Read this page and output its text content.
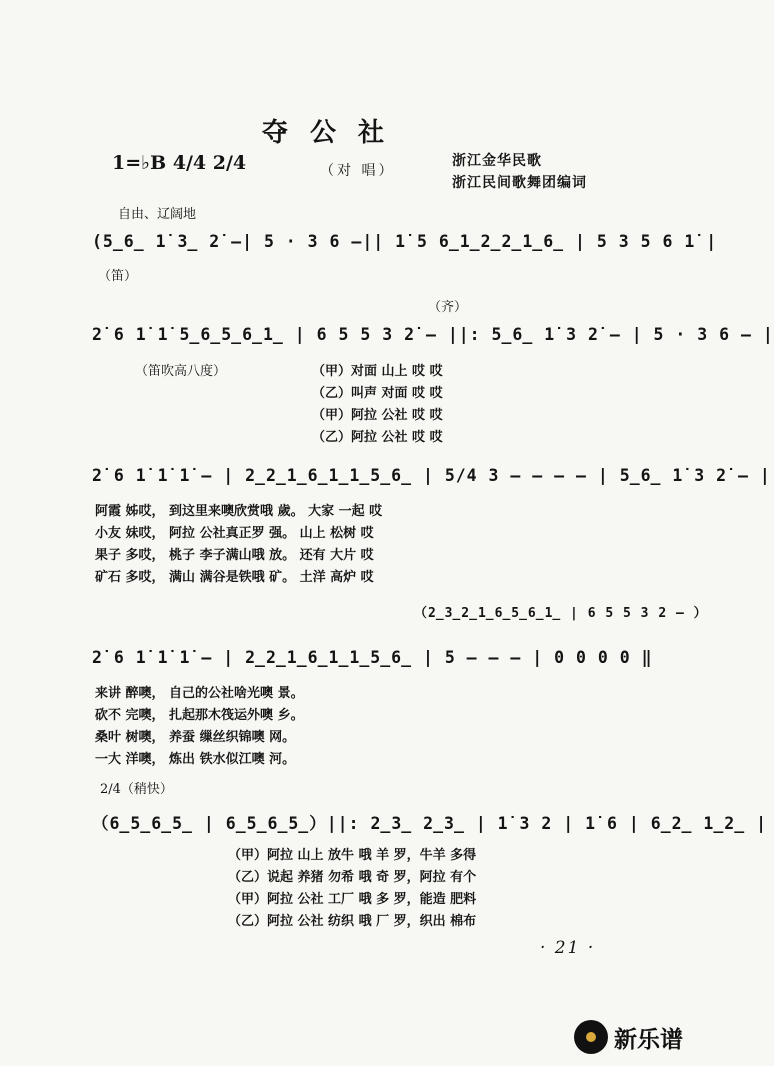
夺公社
1=♭B 4/4 2/4	（对 唱）
浙江金华民歌
浙江民间歌舞团编词
自由、辽阔地
(5̲6̲ 1̇ 3̲ 2̇ —| 5 · 3 6 —|| 1̇ 5 6̲1̲2̲2̲1̲6̲ | 5 3 5 6 1̇ |
（笛）
（齐）
2̇ 6 1̇ 1̇ 5̲6̲5̲6̲1̲ | 6 5 5 3 2̇ — ||: 5̲6̲ 1̇ 3 2̇ — | 5 · 3 6 — |
（笛吹高八度）	（甲）对面 山上 哎 哎
（乙）叫声 对面 哎 哎
（甲）阿拉 公社 哎 哎
（乙）阿拉 公社 哎 哎
2̇ 6 1̇ 1̇ 1̇ — | 2̲2̲1̲6̲1̲1̲5̲6̲ | 5/4 3 — — — — | 5̲6̲ 1̇ 3 2̇ — |
阿霞 姊哎， 到这里来噢欣赏哦 歲。 大家 一起 哎
小友 妹哎， 阿拉 公社真正罗 强。 山上 松树 哎
果子 多哎， 桃子 李子满山哦 放。 还有 大片 哎
矿石 多哎， 满山 满谷是铁哦 矿。 土洋 高炉 哎
（2̲3̲2̲1̲6̲5̲6̲1̲ | 6 5 5 3 2 — ）
2̇ 6 1̇ 1̇ 1̇ — | 2̲2̲1̲6̲1̲1̲5̲6̲ | 5 — — — | 0 0 0 0 ‖
来讲 醉噢， 自己的公社啥光噢 景。
砍不 完噢， 扎起那木筏运外噢 乡。
桑叶 树噢， 养蚕 缫丝织锦噢 网。
一大 洋噢， 炼出 铁水似江噢 河。
2/4（稍快）
（6̲5̲6̲5̲ | 6̲5̲6̲5̲）||: 2̲3̲ 2̲3̲ | 1̇ 3 2 | 1̇ 6 | 6̲2̲ 1̲2̲ |
（甲）阿拉 山上 放牛 哦 羊 罗，牛羊 多得
（乙）说起 养猪 勿希 哦 奇 罗，阿拉 有个
（甲）阿拉 公社 工厂 哦 多 罗，能造 肥料
（乙）阿拉 公社 纺织 哦 厂 罗，织出 棉布
· 21 ·
新乐谱
